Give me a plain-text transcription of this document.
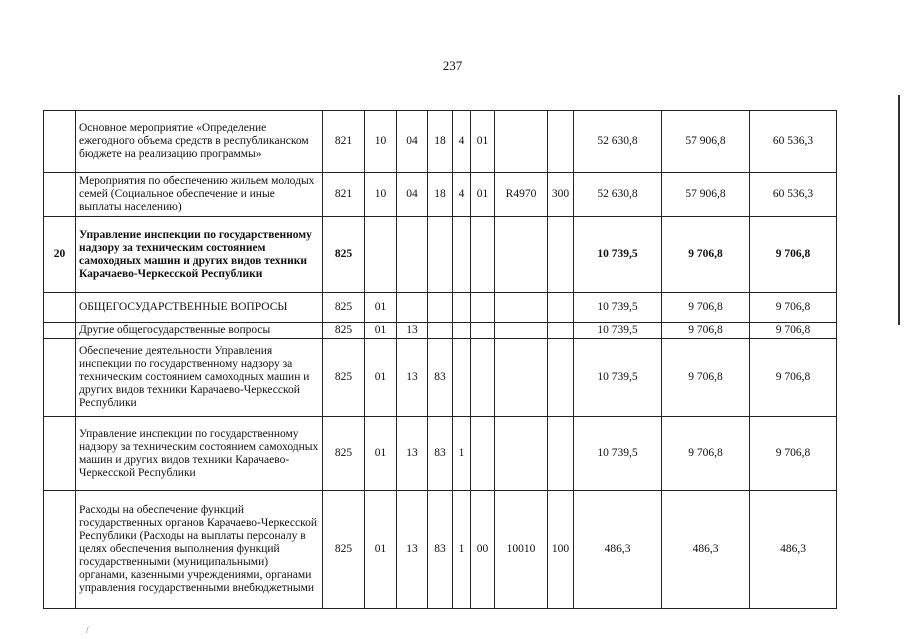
237
	Основное мероприятие «Определение ежегодного объема средств в республиканском бюджете на реализацию программы»	821	10	04	18	4	01			52 630,8	57 906,8	60 536,3
	Мероприятия по обеспечению жильем молодых семей (Социальное обеспечение и иные выплаты населению)	821	10	04	18	4	01	R4970	300	52 630,8	57 906,8	60 536,3
20	Управление инспекции по государственному надзору за техническим состоянием самоходных машин и других видов техники Карачаево-Черкесской Республики	825								10 739,5	9 706,8	9 706,8
	ОБЩЕГОСУДАРСТВЕННЫЕ ВОПРОСЫ	825	01							10 739,5	9 706,8	9 706,8
	Другие общегосударственные вопросы	825	01	13						10 739,5	9 706,8	9 706,8
	Обеспечение деятельности Управления инспекции по государственному надзору за техническим состоянием самоходных машин и других видов техники Карачаево-Черкесской Республики	825	01	13	83					10 739,5	9 706,8	9 706,8
	Управление инспекции по государственному надзору за техническим состоянием самоходных машин и других видов техники Карачаево-Черкесской Республики	825	01	13	83	1				10 739,5	9 706,8	9 706,8
	Расходы на обеспечение функций государственных органов Карачаево-Черкесской Республики (Расходы на выплаты персоналу в целях обеспечения выполнения функций государственными (муниципальными) органами, казенными учреждениями, органами управления государственными внебюджетными	825	01	13	83	1	00	10010	100	486,3	486,3	486,3
/
